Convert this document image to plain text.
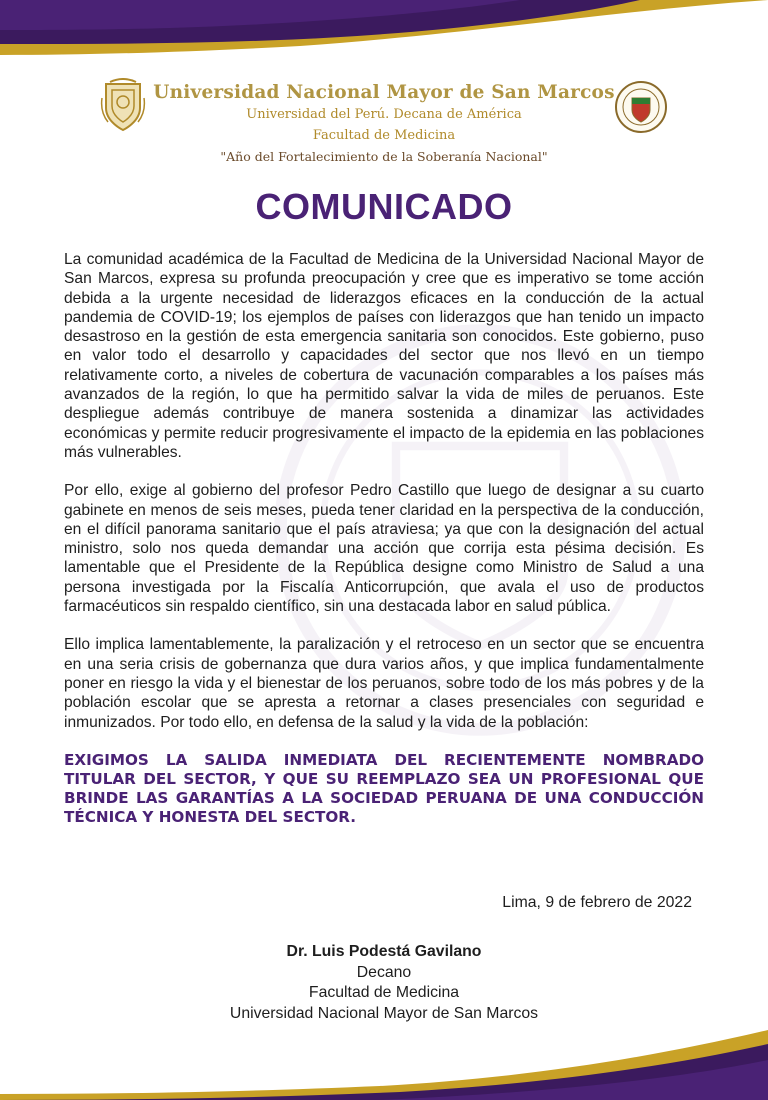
Universidad Nacional Mayor de San Marcos
Universidad del Perú. Decana de América
Facultad de Medicina
"Año del Fortalecimiento de la Soberanía Nacional"
COMUNICADO

La comunidad académica de la Facultad de Medicina de la Universidad Nacional Mayor de San Marcos, expresa su profunda preocupación y cree que es imperativo se tome acción debida a la urgente necesidad de liderazgos eficaces en la conducción de la actual pandemia de COVID-19; los ejemplos de países con liderazgos que han tenido un impacto desastroso en la gestión de esta emergencia sanitaria son conocidos. Este gobierno, puso en valor todo el desarrollo y capacidades del sector que nos llevó en un tiempo relativamente corto, a niveles de cobertura de vacunación comparables a los países más avanzados de la región, lo que ha permitido salvar la vida de miles de peruanos. Este despliegue además contribuye de manera sostenida a dinamizar las actividades económicas y permite reducir progresivamente el impacto de la epidemia en las poblaciones más vulnerables.

Por ello, exige al gobierno del profesor Pedro Castillo que luego de designar a su cuarto gabinete en menos de seis meses, pueda tener claridad en la perspectiva de la conducción, en el difícil panorama sanitario que el país atraviesa; ya que con la designación del actual ministro, solo nos queda demandar una acción que corrija esta pésima decisión. Es lamentable que el Presidente de la República designe como Ministro de Salud a una persona investigada por la Fiscalía Anticorrupción, que avala el uso de productos farmacéuticos sin respaldo científico, sin una destacada labor en salud pública.

Ello implica lamentablemente, la paralización y el retroceso en un sector que se encuentra en una seria crisis de gobernanza que dura varios años, y que implica fundamentalmente poner en riesgo la vida y el bienestar de los peruanos, sobre todo de los más pobres y de la población escolar que se apresta a retornar a clases presenciales con seguridad e inmunizados. Por todo ello, en defensa de la salud y la vida de la población:

EXIGIMOS LA SALIDA INMEDIATA DEL RECIENTEMENTE NOMBRADO TITULAR DEL SECTOR, Y QUE SU REEMPLAZO SEA UN PROFESIONAL QUE BRINDE LAS GARANTÍAS A LA SOCIEDAD PERUANA DE UNA CONDUCCIÓN TÉCNICA Y HONESTA DEL SECTOR.

Lima, 9 de febrero de 2022
Dr. Luis Podestá Gavilano
Decano
Facultad de Medicina
Universidad Nacional Mayor de San Marcos
